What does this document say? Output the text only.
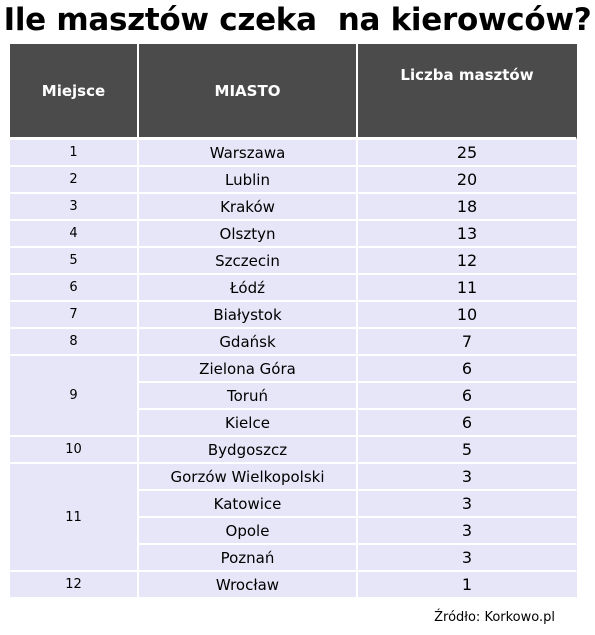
Ile masztów czeka  na kierowców?
Miejsce	MIASTO	Liczba masztów
1	Warszawa	25
2	Lublin	20
3	Kraków	18
4	Olsztyn	13
5	Szczecin	12
6	Łódź	11
7	Białystok	10
8	Gdańsk	7
9	Zielona Góra	6
	Toruń	6
	Kielce	6
10	Bydgoszcz	5
11	Gorzów Wielkopolski	3
	Katowice	3
	Opole	3
	Poznań	3
12	Wrocław	1
Źródło: Korkowo.pl
